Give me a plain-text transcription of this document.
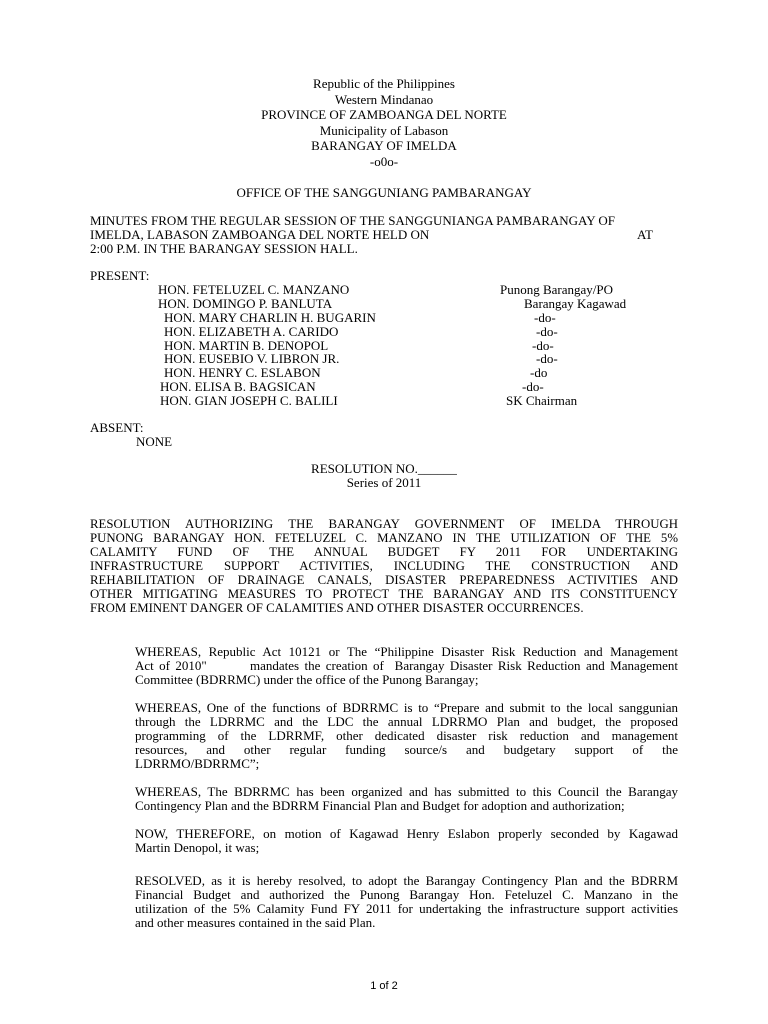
Republic of the Philippines
Western Mindanao
PROVINCE OF ZAMBOANGA DEL NORTE
Municipality of Labason
BARANGAY OF IMELDA
-o0o-
OFFICE OF THE SANGGUNIANG PAMBARANGAY
MINUTES FROM THE REGULAR SESSION OF THE SANGGUNIANGA PAMBARANGAY OF
IMELDA, LABASON ZAMBOANGA DEL NORTE HELD ON	AT
2:00 P.M. IN THE BARANGAY SESSION HALL.
PRESENT:
HON. FETELUZEL C. MANZANO	Punong Barangay/PO
HON. DOMINGO P. BANLUTA	Barangay Kagawad
HON. MARY CHARLIN H. BUGARIN	-do-
HON. ELIZABETH A. CARIDO	-do-
HON. MARTIN B. DENOPOL	-do-
HON. EUSEBIO V. LIBRON JR.	-do-
HON. HENRY C. ESLABON	-do
HON. ELISA B. BAGSICAN	-do-
HON. GIAN JOSEPH C. BALILI	SK Chairman
ABSENT:
NONE
RESOLUTION NO.______
Series of 2011
RESOLUTION AUTHORIZING THE BARANGAY GOVERNMENT OF IMELDA THROUGH
PUNONG BARANGAY HON. FETELUZEL C. MANZANO IN THE UTILIZATION OF THE 5%
CALAMITY FUND OF THE ANNUAL BUDGET FY 2011 FOR UNDERTAKING
INFRASTRUCTURE SUPPORT ACTIVITIES, INCLUDING THE CONSTRUCTION AND
REHABILITATION OF DRAINAGE CANALS, DISASTER PREPAREDNESS ACTIVITIES AND
OTHER MITIGATING MEASURES TO PROTECT THE BARANGAY AND ITS CONSTITUENCY
FROM EMINENT DANGER OF CALAMITIES AND OTHER DISASTER OCCURRENCES.
WHEREAS, Republic Act 10121 or The “Philippine Disaster Risk Reduction and Management
Act of 2010"        mandates the creation of  Barangay Disaster Risk Reduction and Management
Committee (BDRRMC) under the office of the Punong Barangay;
WHEREAS, One of the functions of BDRRMC is to “Prepare and submit to the local sanggunian
through the LDRRMC and the LDC the annual LDRRMO Plan and budget, the proposed
programming of the LDRRMF, other dedicated disaster risk reduction and management
resources, and other regular funding source/s and budgetary support of the
LDRRMO/BDRRMC”;
WHEREAS, The BDRRMC has been organized and has submitted to this Council the Barangay
Contingency Plan and the BDRRM Financial Plan and Budget for adoption and authorization;
NOW, THEREFORE, on motion of Kagawad Henry Eslabon properly seconded by Kagawad
Martin Denopol, it was;
RESOLVED, as it is hereby resolved, to adopt the Barangay Contingency Plan and the BDRRM
Financial Budget and authorized the Punong Barangay Hon. Feteluzel C. Manzano in the
utilization of the 5% Calamity Fund FY 2011 for undertaking the infrastructure support activities
and other measures contained in the said Plan.
1 of 2
